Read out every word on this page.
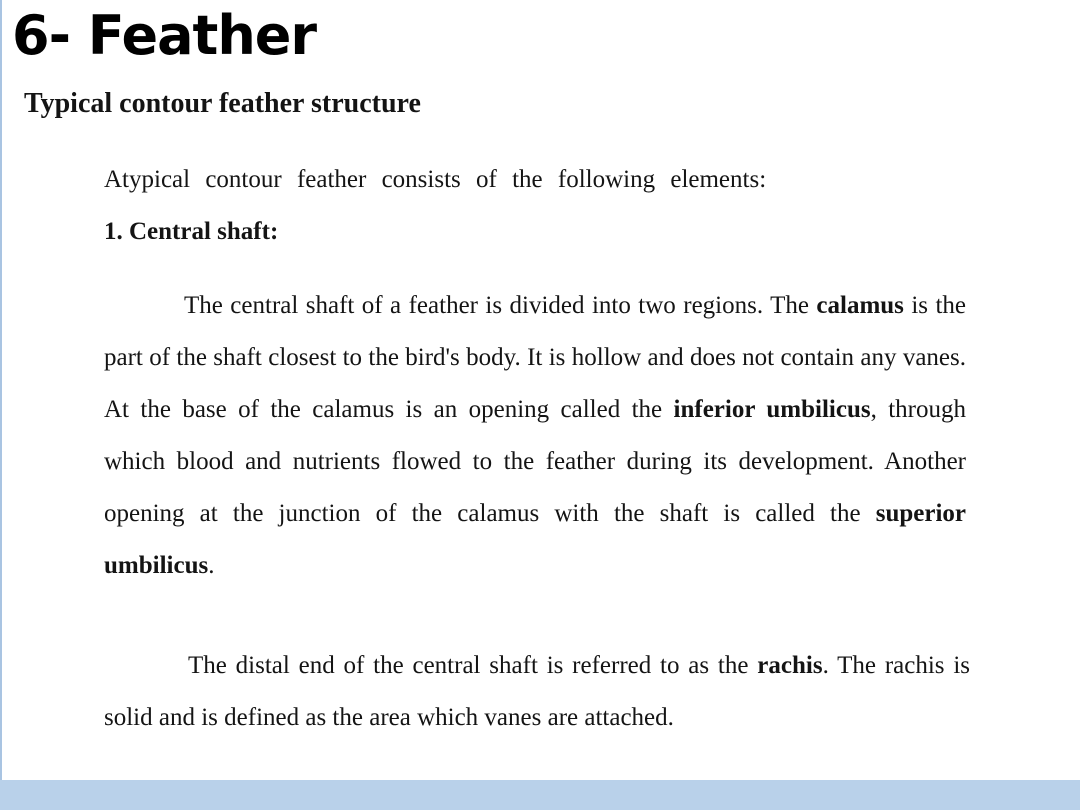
6- Feather
Typical contour feather structure

Atypical contour feather consists of the following elements:

1. Central shaft:

The central shaft of a feather is divided into two regions. The calamus is the part of the shaft closest to the bird's body. It is hollow and does not contain any vanes. At the base of the calamus is an opening called the inferior umbilicus, through which blood and nutrients flowed to the feather during its development. Another opening at the junction of the calamus with the shaft is called the superior umbilicus.

The distal end of the central shaft is referred to as the rachis. The rachis is solid and is defined as the area which vanes are attached.
